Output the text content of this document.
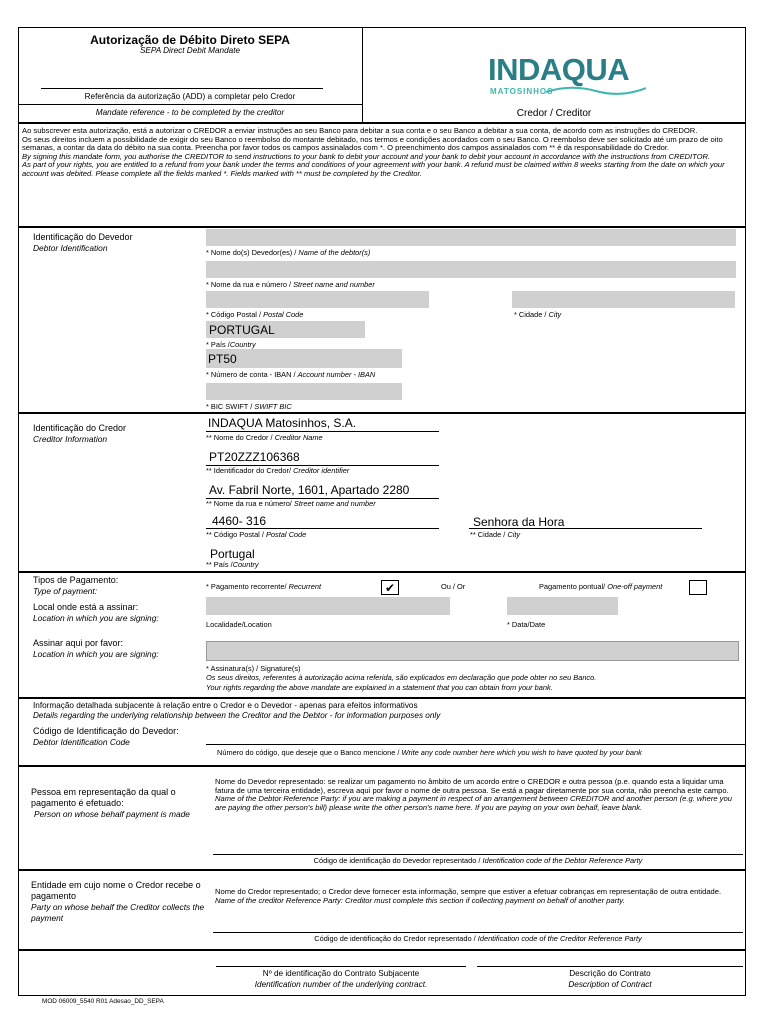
Autorização de Débito Direto SEPA
SEPA Direct Debit Mandate
Referência da autorização (ADD) a completar pelo Credor
Mandate reference - to be completed by the creditor
INDAQUA
MATOSINHOS
Credor / Creditor
Ao subscrever esta autorização, está a autorizar o CREDOR a enviar instruções ao seu Banco para debitar a sua conta e o seu Banco a debitar a sua conta, de acordo com as instruções do CREDOR.
Os seus direitos incluem a possibilidade de exigir do seu Banco o reembolso do montante debitado, nos termos e condições acordados com o seu Banco. O reembolso deve ser solicitado até um prazo de oito semanas, a contar da data do débito na sua conta. Preencha por favor todos os campos assinalados com *. O preenchimento dos campos assinalados com ** é da responsabilidade do Credor.
By signing this mandate form, you authorise the CREDITOR to send instructions to your bank to debit your account and your bank to debit your account in accordance with the instructions from CREDITOR.
As part of your rights, you are entitled to a refund from your bank under the terms and conditions of your agreement with your bank. A refund must be claimed within 8 weeks starting from the date on which your account was debited. Please complete all the fields marked *. Fields marked with ** must be completed by the Creditor.
Identificação do Devedor
Debtor Identification	* Nome do(s) Devedor(es) / Name of the debtor(s)
* Nome da rua e número / Street name and number
* Código Postal / Postal Code	* Cidade / City
PORTUGAL
* País /Country
PT50
* Número de conta - IBAN / Account number - IBAN
* BIC SWIFT / SWIFT BIC
Identificação do Credor
Creditor Information
INDAQUA Matosinhos, S.A.
** Nome do Credor / Creditor Name
PT20ZZZ106368
** Identificador do Credor/ Creditor identifier
Av. Fabril Norte, 1601, Apartado 2280
** Nome da rua e número/ Street name and number
4460- 316
** Código Postal / Postal Code
Senhora da Hora
** Cidade / City
Portugal
** País /Country
Tipos de Pagamento:
Type of payment:	* Pagamento recorrente/ Recurrent	✔	Ou / Or	Pagamento pontual/ One-off payment
Local onde está a assinar:
Location in which you are signing:
Localidade/Location	* Data/Date
Assinar aqui por favor:
Location in which you are signing:
* Assinatura(s) / Signature(s)
Os seus direitos, referentes à autorização acima referida, são explicados em declaração que pode obter no seu Banco.
Your rights regarding the above mandate are explained in a statement that you can obtain from your bank.
Informação detalhada subjacente à relação entre o Credor e o Devedor - apenas para efeitos informativos
Details regarding the underlying relationship between the Creditor and the Debtor - for information purposes only
Código de Identificação do Devedor:
Debtor Identification Code
Número do código, que deseje que o Banco mencione / Write any code number here which you wish to have quoted by your bank
Pessoa em representação da qual o pagamento é efetuado:
Person on whose behalf payment is made
Nome do Devedor representado: se realizar um pagamento no âmbito de um acordo entre o CREDOR e outra pessoa (p.e. quando esta a liquidar uma fatura de uma terceira entidade), escreva aqui por favor o nome de outra pessoa. Se está a pagar diretamente por sua conta, não preencha este campo.
Name of the Debtor Reference Party: if you are making a payment in respect of an arrangement between CREDITOR and another person (e.g. where you are paying the other person's bill) please write the other person's name here. If you are paying on your own behalf, leave blank.
Código de identificação do Devedor representado / Identification code of the Debtor Reference Party
Entidade em cujo nome o Credor recebe o pagamento
Party on whose behalf the Creditor collects the payment
Nome do Credor representado; o Credor deve fornecer esta informação, sempre que estiver a efetuar cobranças em representação de outra entidade.
Name of the creditor Reference Party: Creditor must complete this section if collecting payment on behalf of another party.
Código de identificação do Credor representado / Identification code of the Creditor Reference Party
Nº de identificação do Contrato Subjacente
Identification number of the underlying contract.
Descrição do Contrato
Description of Contract
MOD 06009_5540 R01 Adesao_DD_SEPA
